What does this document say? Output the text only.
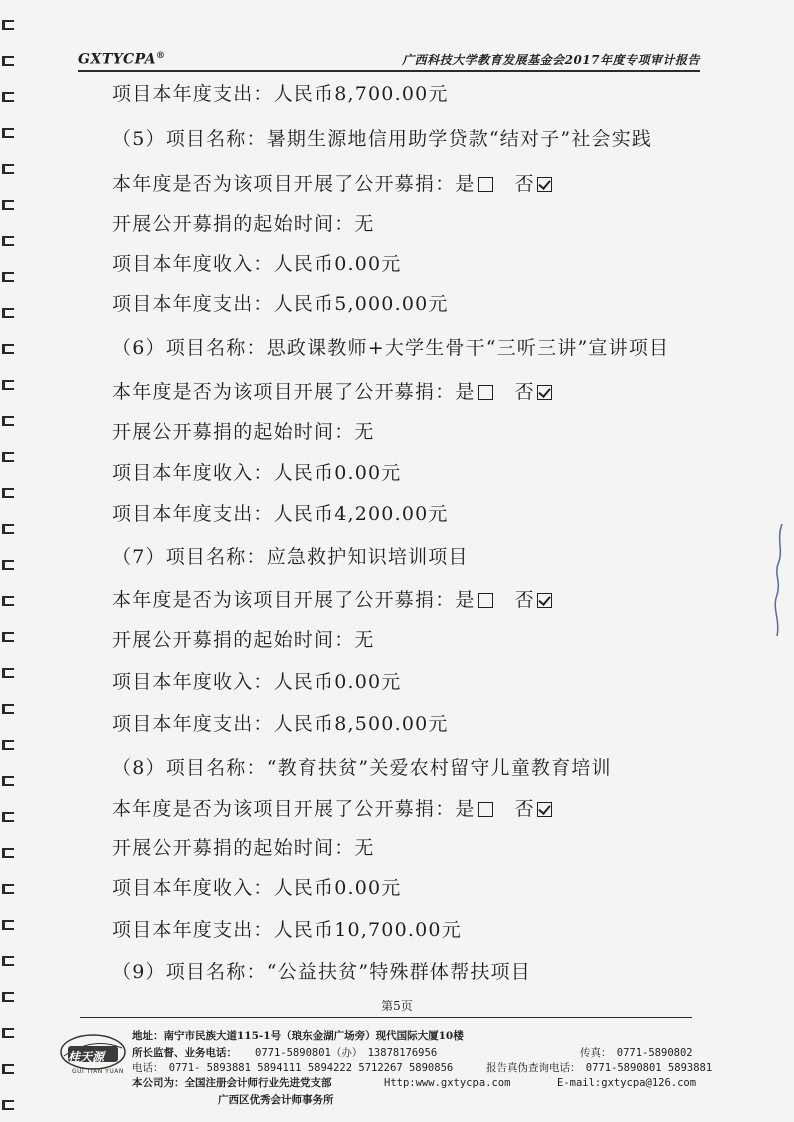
GXTYCPA®	广西科技大学教育发展基金会2017年度专项审计报告
项目本年度支出：人民币8,700.00元
（5）项目名称：暑期生源地信用助学贷款“结对子”社会实践
本年度是否为该项目开展了公开募捐：是 否
开展公开募捐的起始时间：无
项目本年度收入：人民币0.00元
项目本年度支出：人民币5,000.00元
（6）项目名称：思政课教师+大学生骨干“三听三讲”宣讲项目
本年度是否为该项目开展了公开募捐：是 否
开展公开募捐的起始时间：无
项目本年度收入：人民币0.00元
项目本年度支出：人民币4,200.00元
（7）项目名称：应急救护知识培训项目
本年度是否为该项目开展了公开募捐：是 否
开展公开募捐的起始时间：无
项目本年度收入：人民币0.00元
项目本年度支出：人民币8,500.00元
（8）项目名称：“教育扶贫”关爱农村留守儿童教育培训
本年度是否为该项目开展了公开募捐：是 否
开展公开募捐的起始时间：无
项目本年度收入：人民币0.00元
项目本年度支出：人民币10,700.00元
（9）项目名称：“公益扶贫”特殊群体帮扶项目
第5页
桂天源
GUI TIAN YUAN
地址：南宁市民族大道115-1号（琅东金湖广场旁）现代国际大厦10楼
所长监督、业务电话： 0771-5890801（办）　13878176956	传真：　0771-5890802
电话：　0771- 5893881 5894111 5894222 5712267 5890856	报告真伪查询电话：　0771-5890801 5893881
本公司为：全国注册会计师行业先进党支部	Http:www.gxtycpa.com	E-mail:gxtycpa@126.com
广西区优秀会计师事务所
